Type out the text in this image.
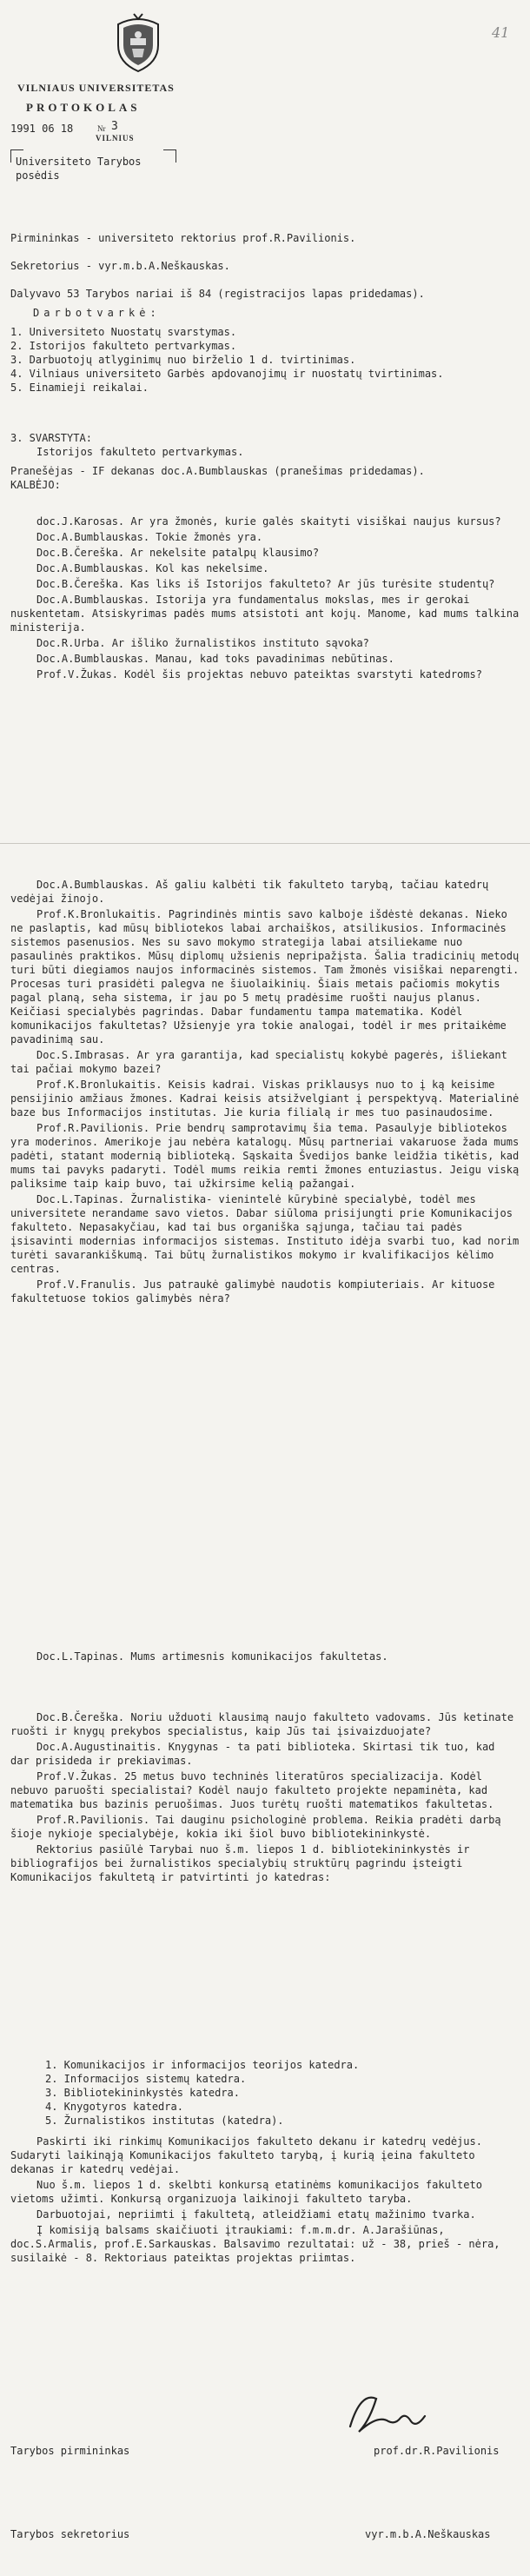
VILNIAUS UNIVERSITETAS
PROTOKOLAS
1991 06 18	Nr 3
VILNIUS
Universiteto Tarybos posėdis
41
Pirmininkas - universiteto rektorius prof.R.Pavilionis.
Sekretorius - vyr.m.b.A.Neškauskas.
Dalyvavo 53 Tarybos nariai iš 84 (registracijos lapas pridedamas).
Darbotvarkė:
1. Universiteto Nuostatų svarstymas.
2. Istorijos fakulteto pertvarkymas.
3. Darbuotojų atlyginimų nuo birželio 1 d. tvirtinimas.
4. Vilniaus universiteto Garbės apdovanojimų ir nuostatų tvirtinimas.
5. Einamieji reikalai.
3. SVARSTYTA:
Istorijos fakulteto pertvarkymas.
Pranešėjas - IF dekanas doc.A.Bumblauskas (pranešimas pridedamas).
KALBĖJO:
doc.J.Karosas. Ar yra žmonės, kurie galės skaityti visiškai naujus kursus?
Doc.A.Bumblauskas. Tokie žmonės yra.
Doc.B.Čereška. Ar nekelsite patalpų klausimo?
Doc.A.Bumblauskas. Kol kas nekelsime.
Doc.B.Čereška. Kas liks iš Istorijos fakulteto? Ar jūs turėsite studentų?
Doc.A.Bumblauskas. Istorija yra fundamentalus mokslas, mes ir gerokai nuskentetam. Atsiskyrimas padės mums atsistoti ant kojų. Manome, kad mums talkina ministerija.
Doc.R.Urba. Ar išliko žurnalistikos instituto sąvoka?
Doc.A.Bumblauskas. Manau, kad toks pavadinimas nebūtinas.
Prof.V.Žukas. Kodėl šis projektas nebuvo pateiktas svarstyti katedroms?
Doc.A.Bumblauskas. Aš galiu kalbėti tik fakulteto tarybą, tačiau katedrų vedėjai žinojo.
Prof.K.Bronlukaitis. Pagrindinės mintis savo kalboje išdėstė dekanas. Nieko ne paslaptis, kad mūsų bibliotekos labai archaiškos, atsilikusios. Informacinės sistemos pasenusios. Nes su savo mokymo strategija labai atsiliekame nuo pasaulinės praktikos. Mūsų diplomų užsienis nepripažįsta. Šalia tradicinių metodų turi būti diegiamos naujos informacinės sistemos. Tam žmonės visiškai neparengti. Procesas turi prasidėti palegva ne šiuolaikinių. Šiais metais pačiomis mokytis pagal planą, seha sistema, ir jau po 5 metų pradėsime ruošti naujus planus. Keičiasi specialybės pagrindas. Dabar fundamentu tampa matematika. Kodėl komunikacijos fakultetas? Užsienyje yra tokie analogai, todėl ir mes pritaikėme pavadinimą sau.
Doc.S.Imbrasas. Ar yra garantija, kad specialistų kokybė pagerės, išliekant tai pačiai mokymo bazei?
Prof.K.Bronlukaitis. Keisis kadrai. Viskas priklausys nuo to į ką keisime pensijinio amžiaus žmones. Kadrai keisis atsižvelgiant į perspektyvą. Materialinė baze bus Informacijos institutas. Jie kuria filialą ir mes tuo pasinaudosime.
Prof.R.Pavilionis. Prie bendrų samprotavimų šia tema. Pasaulyje bibliotekos yra moderinos. Amerikoje jau nebėra katalogų. Mūsų partneriai vakaruose žada mums padėti, statant modernią biblioteką. Sąskaita Švedijos banke leidžia tikėtis, kad mums tai pavyks padaryti. Todėl mums reikia remti žmones entuziastus. Jeigu viską paliksime taip kaip buvo, tai užkirsime kelią pažangai.
Doc.L.Tapinas. Žurnalistika- vienintelė kūrybinė specialybė, todėl mes universitete nerandame savo vietos. Dabar siūloma prisijungti prie Komunikacijos fakulteto. Nepasakyčiau, kad tai bus organiška sąjunga, tačiau tai padės įsisavinti modernias informacijos sistemas. Instituto idėja svarbi tuo, kad norim turėti savarankiškumą. Tai būtų žurnalistikos mokymo ir kvalifikacijos kėlimo centras.
Prof.V.Franulis. Jus patraukė galimybė naudotis kompiuteriais. Ar kituose fakultetuose tokios galimybės nėra?
Doc.L.Tapinas. Mums artimesnis komunikacijos fakultetas.
Doc.B.Čereška. Noriu užduoti klausimą naujo fakulteto vadovams. Jūs ketinate ruošti ir knygų prekybos specialistus, kaip Jūs tai įsivaizduojate?
Doc.A.Augustinaitis. Knygynas - ta pati biblioteka. Skirtasi tik tuo, kad dar prisideda ir prekiavimas.
Prof.V.Žukas. 25 metus buvo techninės literatūros specializacija. Kodėl nebuvo paruošti specialistai? Kodėl naujo fakulteto projekte nepaminėta, kad matematika bus bazinis peruošimas. Juos turėtų ruošti matematikos fakultetas.
Prof.R.Pavilionis. Tai dauginu psichologinė problema. Reikia pradėti darbą šioje nykioje specialybėje, kokia iki šiol buvo bibliotekininkystė.
Rektorius pasiūlė Tarybai nuo š.m. liepos 1 d. bibliotekininkystės ir bibliografijos bei žurnalistikos specialybių struktūrų pagrindu įsteigti Komunikacijos fakultetą ir patvirtinti jo katedras:
1. Komunikacijos ir informacijos teorijos katedra.
2. Informacijos sistemų katedra.
3. Bibliotekininkystės katedra.
4. Knygotyros katedra.
5. Žurnalistikos institutas (katedra).
Paskirti iki rinkimų Komunikacijos fakulteto dekanu ir katedrų vedėjus. Sudaryti laikinąją Komunikacijos fakulteto tarybą, į kurią įeina fakulteto dekanas ir katedrų vedėjai.
Nuo š.m. liepos 1 d. skelbti konkursą etatinėms komunikacijos fakulteto vietoms užimti. Konkursą organizuoja laikinoji fakulteto taryba.
Darbuotojai, nepriimti į fakultetą, atleidžiami etatų mažinimo tvarka.
Į komisiją balsams skaičiuoti įtraukiami: f.m.m.dr. A.Jarašiūnas, doc.S.Armalis, prof.E.Sarkauskas. Balsavimo rezultatai: už - 38, prieš - nėra, susilaikė - 8. Rektoriaus pateiktas projektas priimtas.
Tarybos pirmininkas	prof.dr.R.Pavilionis
Tarybos sekretorius	vyr.m.b.A.Neškauskas
